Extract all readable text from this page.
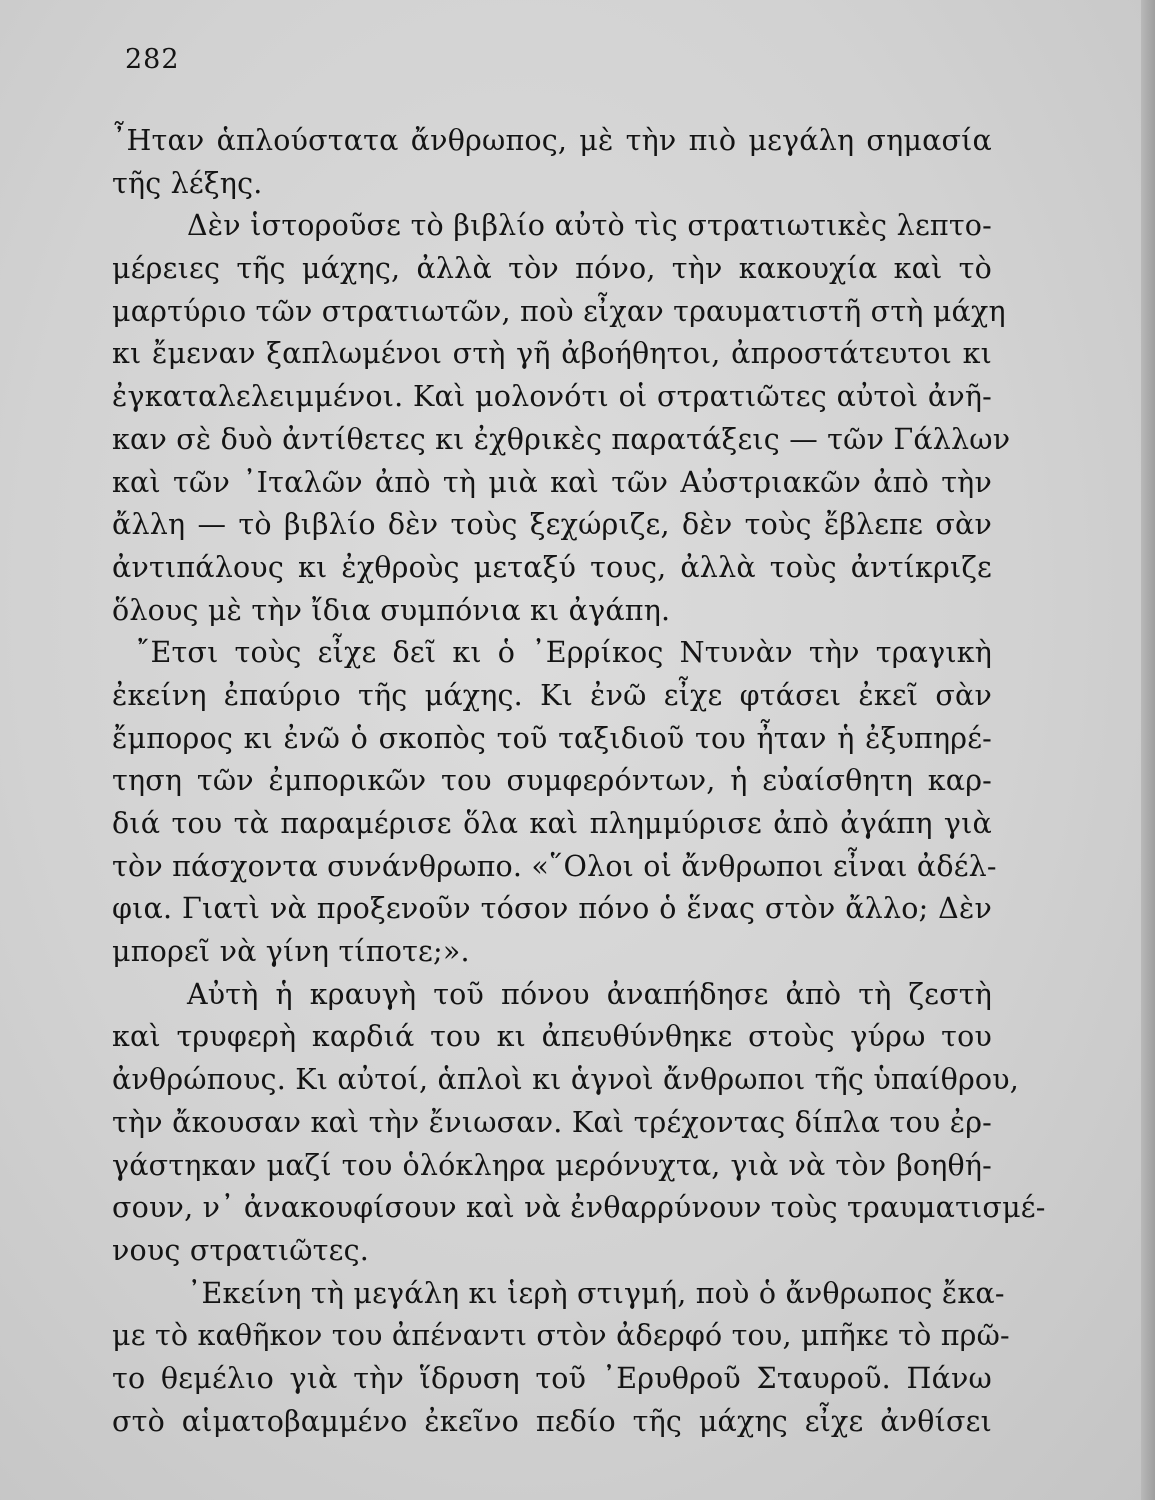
282
῏Ηταν ἁπλούστατα ἄνθρωπος, μὲ τὴν πιὸ μεγάλη σημασία
τῆς λέξης.
Δὲν ἱστοροῦσε τὸ βιβλίο αὐτὸ τὶς στρατιωτικὲς λεπτο-
μέρειες τῆς μάχης, ἀλλὰ τὸν πόνο, τὴν κακουχία καὶ τὸ
μαρτύριο τῶν στρατιωτῶν, ποὺ εἶχαν τραυματιστῆ στὴ μάχη
κι ἔμεναν ξαπλωμένοι στὴ γῆ ἀβοήθητοι, ἀπροστάτευτοι κι
ἐγκαταλελειμμένοι. Καὶ μολονότι οἱ στρατιῶτες αὐτοὶ ἀνῆ-
καν σὲ δυὸ ἀντίθετες κι ἐχθρικὲς παρατάξεις — τῶν Γάλλων
καὶ τῶν ᾿Ιταλῶν ἀπὸ τὴ μιὰ καὶ τῶν Αὐστριακῶν ἀπὸ τὴν
ἄλλη — τὸ βιβλίο δὲν τοὺς ξεχώριζε, δὲν τοὺς ἔβλεπε σὰν
ἀντιπάλους κι ἐχθροὺς μεταξύ τους, ἀλλὰ τοὺς ἀντίκριζε
ὅλους μὲ τὴν ἴδια συμπόνια κι ἀγάπη.
῎Ετσι τοὺς εἶχε δεῖ κι ὁ ᾿Ερρίκος Ντυνὰν τὴν τραγικὴ
ἐκείνη ἐπαύριο τῆς μάχης. Κι ἐνῶ εἶχε φτάσει ἐκεῖ σὰν
ἔμπορος κι ἐνῶ ὁ σκοπὸς τοῦ ταξιδιοῦ του ἦταν ἡ ἐξυπηρέ-
τηση τῶν ἐμπορικῶν του συμφερόντων, ἡ εὐαίσθητη καρ-
διά του τὰ παραμέρισε ὅλα καὶ πλημμύρισε ἀπὸ ἀγάπη γιὰ
τὸν πάσχοντα συνάνθρωπο. «῞Ολοι οἱ ἄνθρωποι εἶναι ἀδέλ-
φια. Γιατὶ νὰ προξενοῦν τόσον πόνο ὁ ἕνας στὸν ἄλλο; Δὲν
μπορεῖ νὰ γίνη τίποτε;».
Αὐτὴ ἡ κραυγὴ τοῦ πόνου ἀναπήδησε ἀπὸ τὴ ζεστὴ
καὶ τρυφερὴ καρδιά του κι ἀπευθύνθηκε στοὺς γύρω του
ἀνθρώπους. Κι αὐτοί, ἁπλοὶ κι ἁγνοὶ ἄνθρωποι τῆς ὑπαίθρου,
τὴν ἄκουσαν καὶ τὴν ἔνιωσαν. Καὶ τρέχοντας δίπλα του ἐρ-
γάστηκαν μαζί του ὁλόκληρα μερόνυχτα, γιὰ νὰ τὸν βοηθή-
σουν, ν᾿ ἀνακουφίσουν καὶ νὰ ἐνθαρρύνουν τοὺς τραυματισμέ-
νους στρατιῶτες.
᾿Εκείνη τὴ μεγάλη κι ἱερὴ στιγμή, ποὺ ὁ ἄνθρωπος ἔκα-
με τὸ καθῆκον του ἀπέναντι στὸν ἀδερφό του, μπῆκε τὸ πρῶ-
το θεμέλιο γιὰ τὴν ἵδρυση τοῦ ᾿Ερυθροῦ Σταυροῦ. Πάνω
στὸ αἱματοβαμμένο ἐκεῖνο πεδίο τῆς μάχης εἶχε ἀνθίσει
